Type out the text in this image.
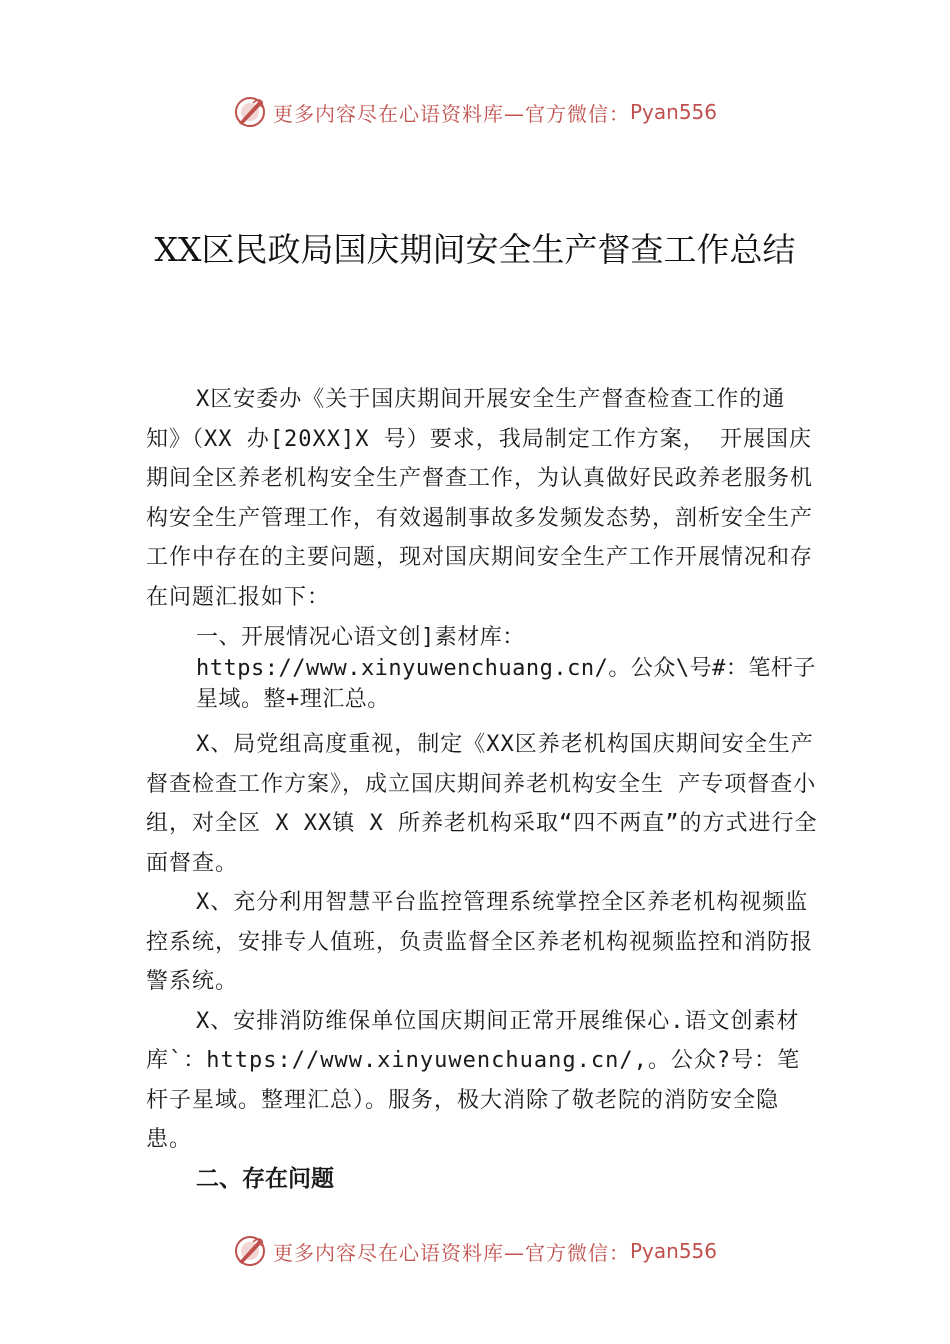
更多内容尽在心语资料库—官方微信： Pyan556
XX区民政局国庆期间安全生产督查工作总结

X区安委办《关于国庆期间开展安全生产督查检查工作的通知》（XX 办[20XX]X 号）要求，我局制定工作方案， 开展国庆期间全区养老机构安全生产督查工作，为认真做好民政养老服务机构安全生产管理工作，有效遏制事故多发频发态势，剖析安全生产工作中存在的主要问题，现对国庆期间安全生产工作开展情况和存在问题汇报如下：

一、开展情况心语文创]素材库：https://www.xinyuwenchuang.cn/。公众\号#：笔杆子星域。整+理汇总。

X、局党组高度重视，制定《XX区养老机构国庆期间安全生产督查检查工作方案》，成立国庆期间养老机构安全生 产专项督查小组，对全区 X XX镇 X 所养老机构采取“四不两直”的方式进行全面督查。

X、充分利用智慧平台监控管理系统掌控全区养老机构视频监控系统，安排专人值班，负责监督全区养老机构视频监控和消防报警系统。

X、安排消防维保单位国庆期间正常开展维保心.语文创素材库`：https://www.xinyuwenchuang.cn/,。公众?号：笔杆子星域。整理汇总）。服务，极大消除了敬老院的消防安全隐患。

二、存在问题
更多内容尽在心语资料库—官方微信： Pyan556
